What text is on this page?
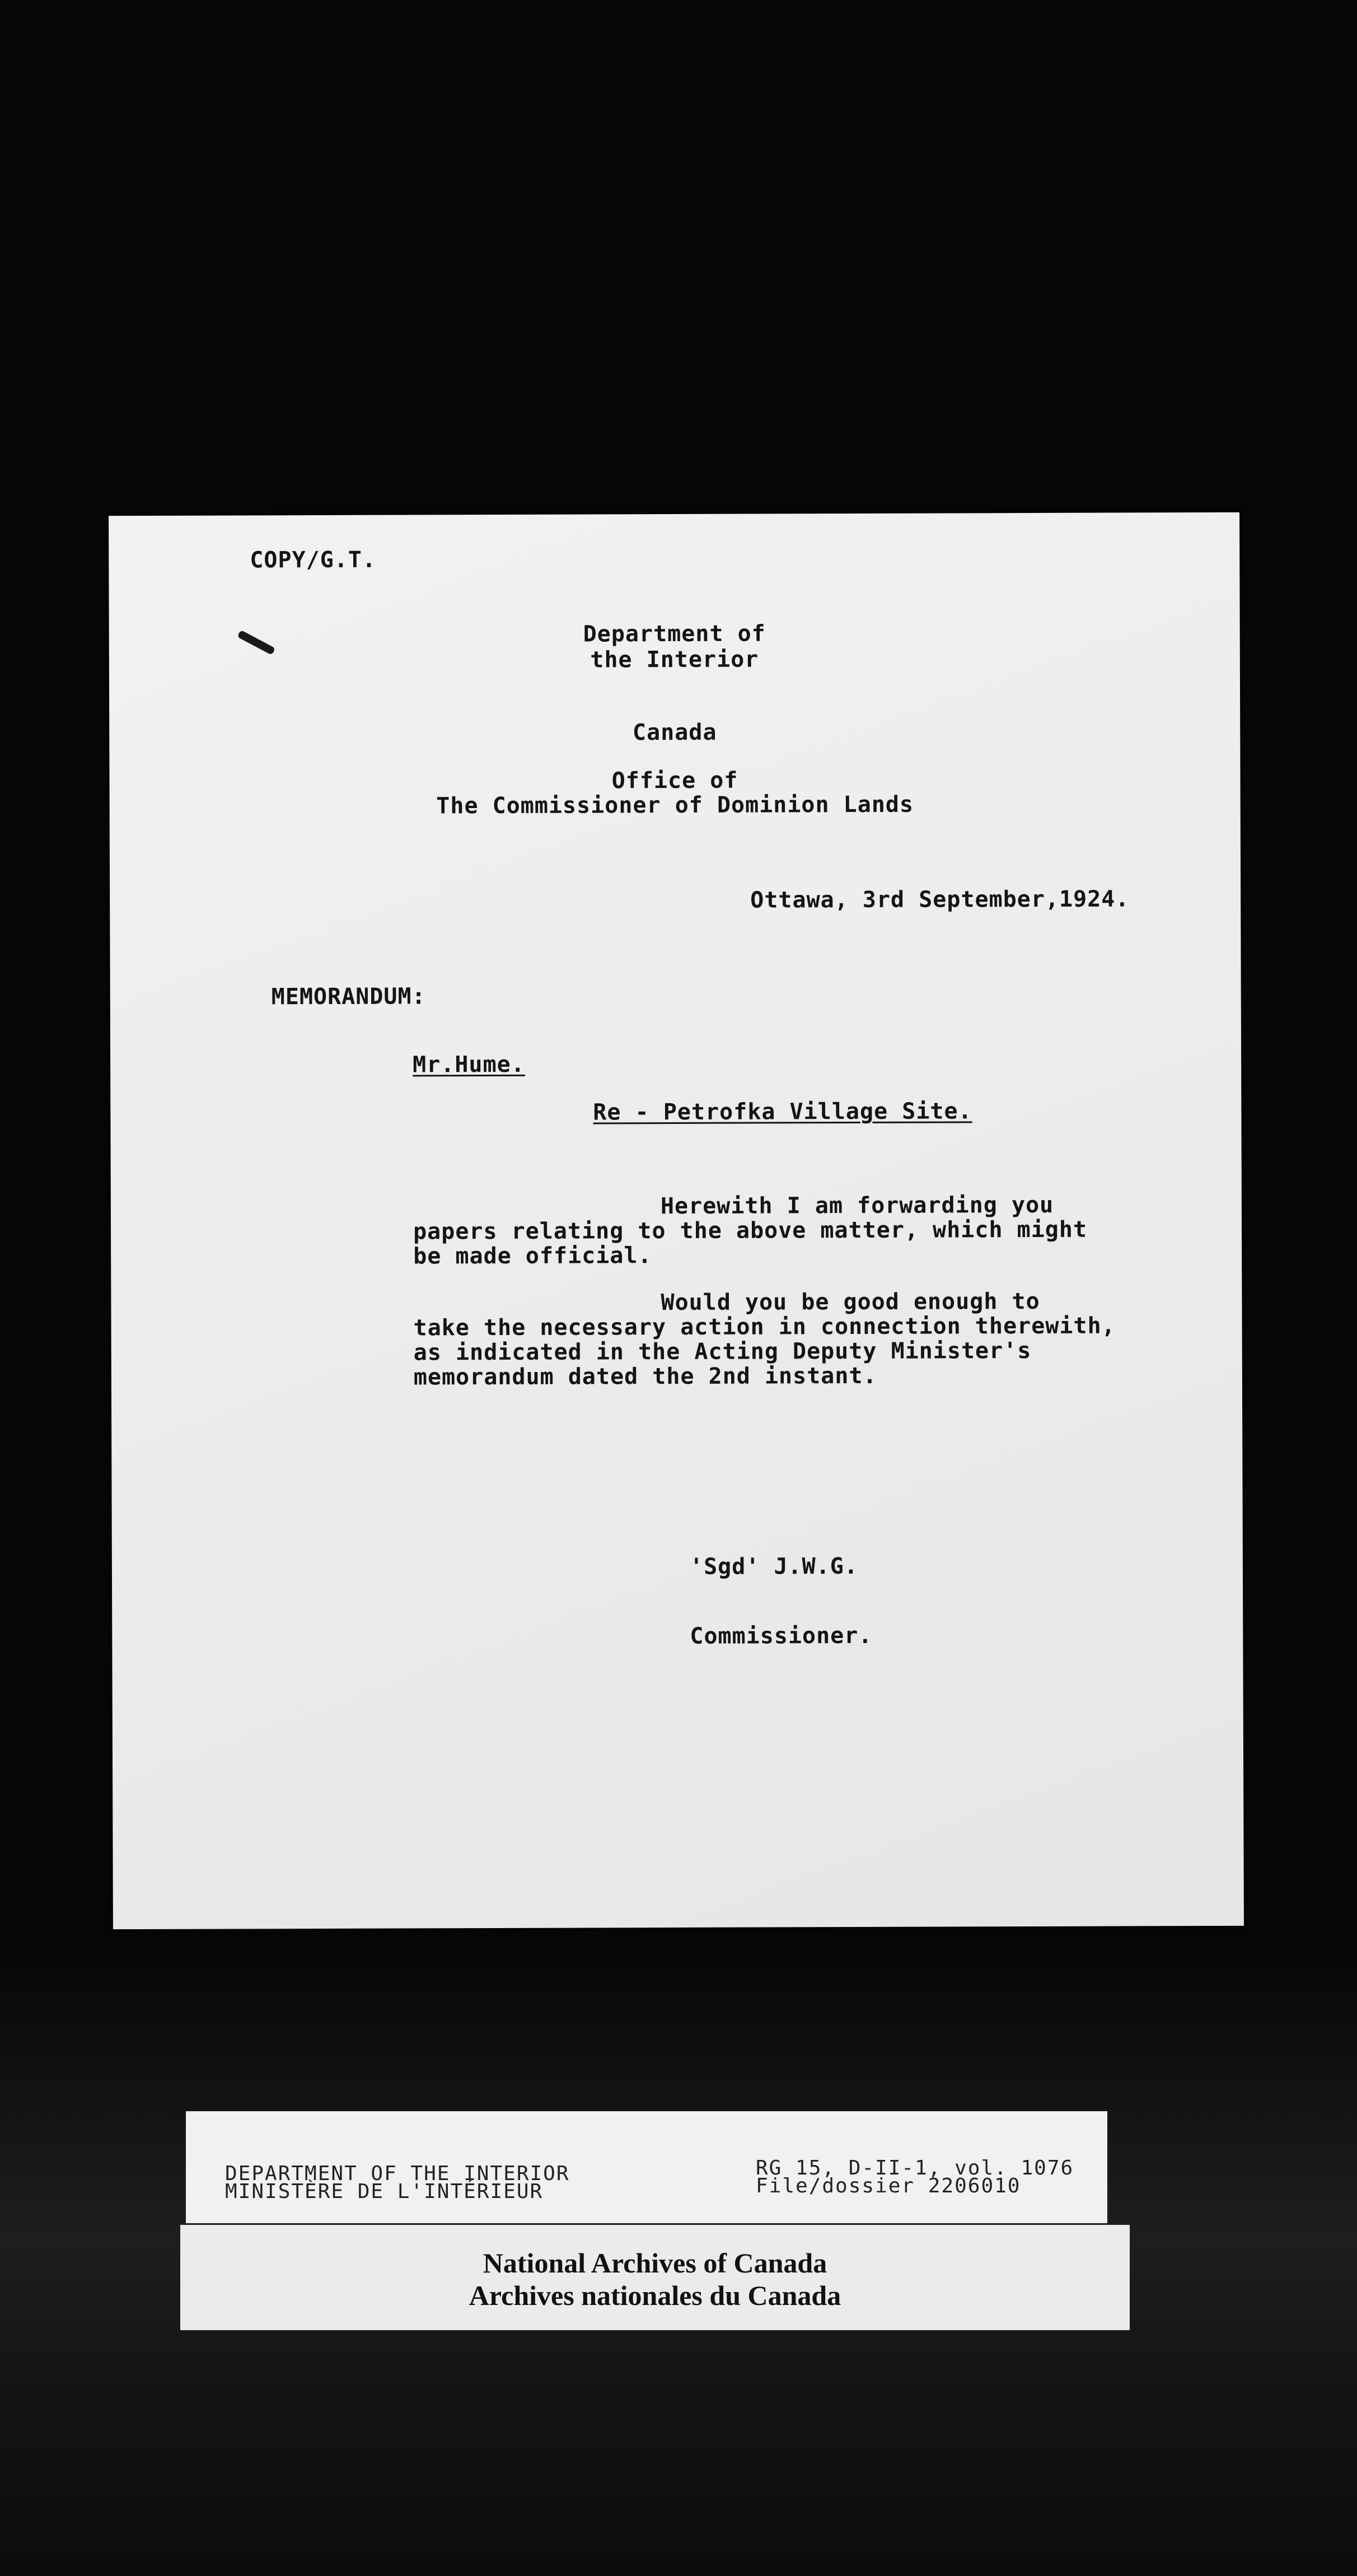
COPY/G.T.
Department of
the Interior
Canada
Office of
The Commissioner of Dominion Lands
Ottawa, 3rd September,1924.
MEMORANDUM:
Mr.Hume.
Re - Petrofka Village Site.
Herewith I am forwarding you
papers relating to the above matter, which might
be made official.
Would you be good enough to
take the necessary action in connection therewith,
as indicated in the Acting Deputy Minister's
memorandum dated the 2nd instant.
'Sgd' J.W.G.
Commissioner.
DEPARTMENT OF THE INTERIOR
MINISTÈRE DE L'INTÉRIEUR
RG 15, D-II-1, vol. 1076
File/dossier 2206010
National Archives of Canada
Archives nationales du Canada
